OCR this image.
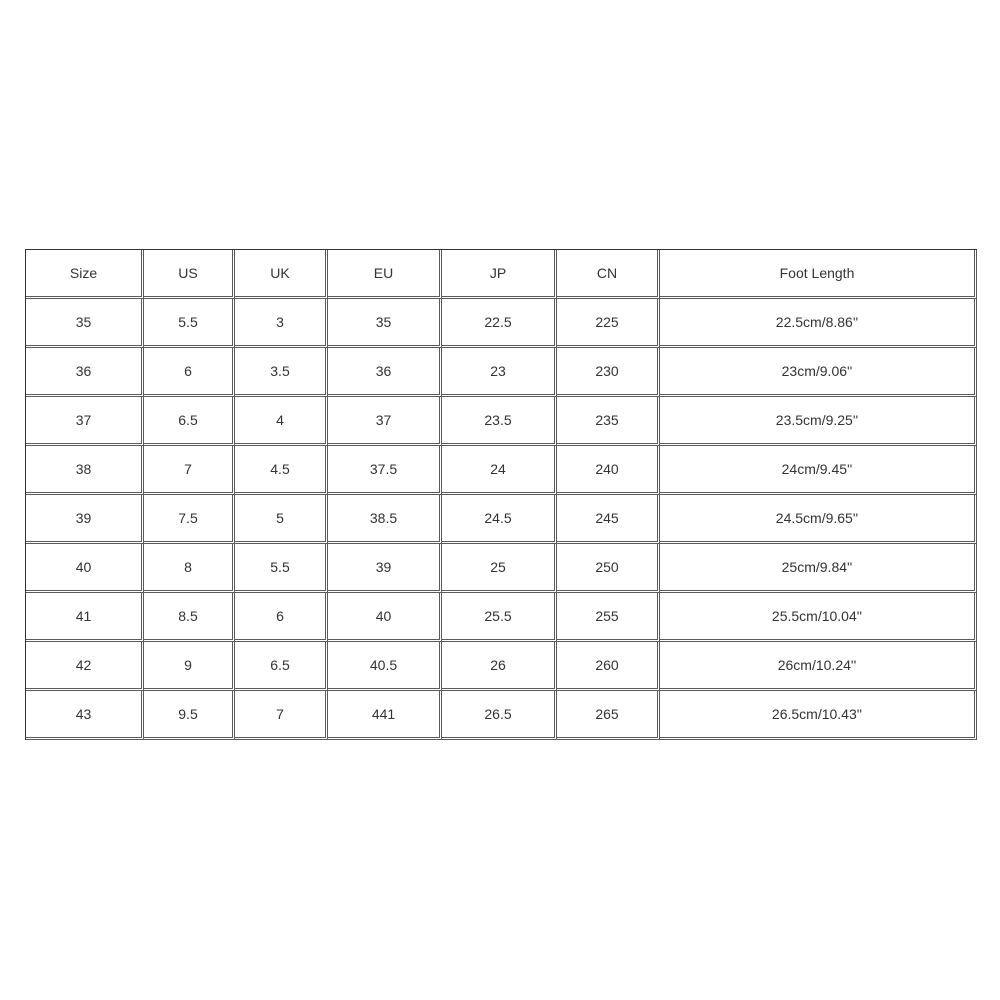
Size	US	UK	EU	JP	CN	Foot Length
35	5.5	3	35	22.5	225	22.5cm/8.86''
36	6	3.5	36	23	230	23cm/9.06''
37	6.5	4	37	23.5	235	23.5cm/9.25''
38	7	4.5	37.5	24	240	24cm/9.45''
39	7.5	5	38.5	24.5	245	24.5cm/9.65''
40	8	5.5	39	25	250	25cm/9.84''
41	8.5	6	40	25.5	255	25.5cm/10.04''
42	9	6.5	40.5	26	260	26cm/10.24''
43	9.5	7	441	26.5	265	26.5cm/10.43''
